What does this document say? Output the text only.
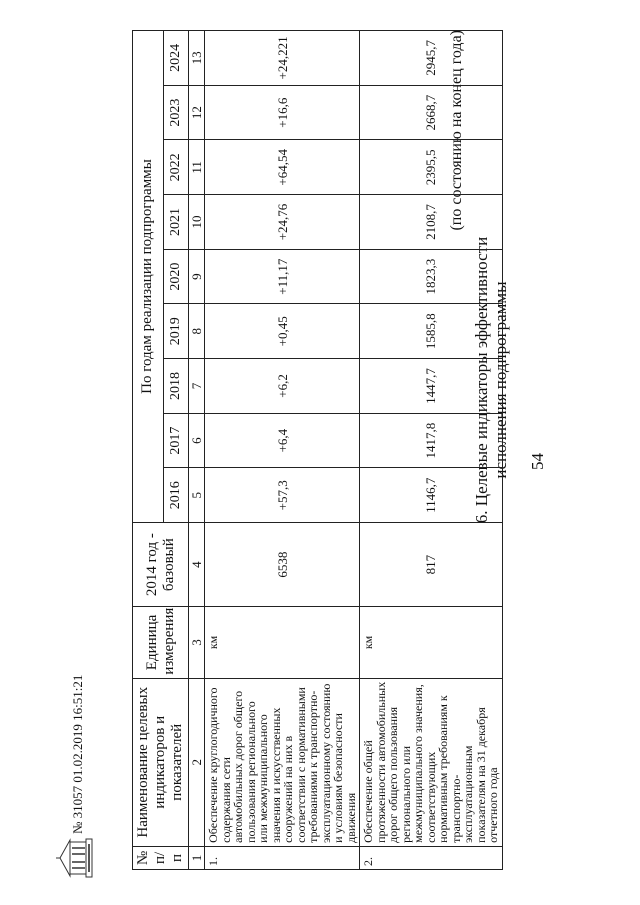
54
6. Целевые индикаторы эффективности исполнения подпрограммы
(по состоянию на конец года)
№ п/п	Наименование целевых индикаторов и показателей	Единица измерения	2014 год - базовый	По годам реализации подпрограммы								
				2016	2017	2018	2019	2020	2021	2022	2023	2024
1	2	3	4	5	6	7	8	9	10	11	12	13
1.	Обеспечение круглогодичного содержания сети автомобильных дорог общего пользования регионального или межмуниципального значения и искусственных сооружений на них в соответствии с нормативными требованиями к транспортно-эксплуатационному состоянию и условиям безопасности движения	км	6538	+57,3	+6,4	+6,2	+0,45	+11,17	+24,76	+64,54	+16,6	+24,221
2.	Обеспечение общей протяженности автомобильных дорог общего пользования регионального или межмуниципального значения, соответствующих нормативным требованиям к транспортно-эксплуатационным показателям на 31 декабря отчетного года	км	817	1146,7	1417,8	1447,7	1585,8	1823,3	2108,7	2395,5	2668,7	2945,7
№ 31057 01.02.2019 16:51:21
